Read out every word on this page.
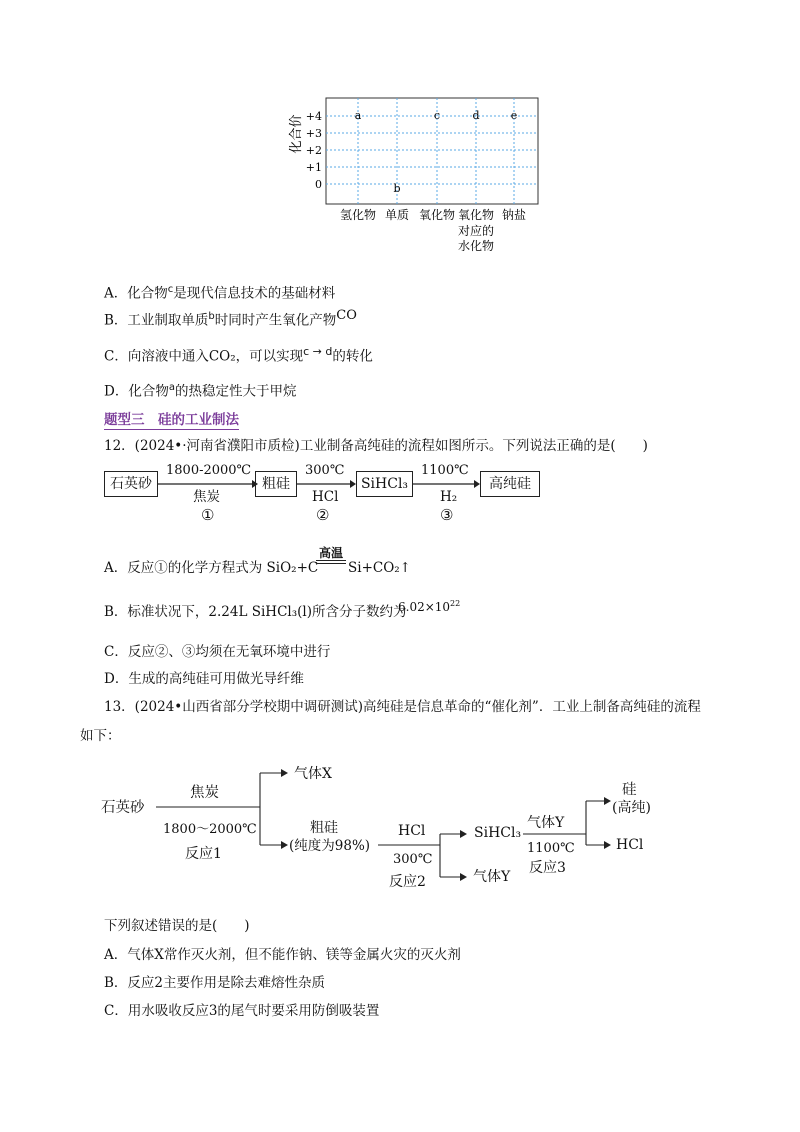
化合价 +4
+3
+2
+1
0
a
b
c	d	e
氢化物 单质 氧化物 氧化物 钠盐
对应的
水化物
A．化合物$^c$是现代信息技术的基础材料
B．工业制取单质$^b$时同时产生氧化产物$^{CO}$
C．向溶液中通入CO₂，可以实现$^{c \to d}$的转化
D．化合物$^a$的热稳定性大于甲烷
题型三　硅的工业制法
12．(2024•·河南省濮阳市质检)工业制备高纯硅的流程如图所示。下列说法正确的是(　　)
石英砂	粗硅	SiHCl₃	高纯硅
1800-2000℃	300℃	1100℃
焦炭	HCl	H₂
①	②	③
A．反应①的化学方程式为 SiO₂+C
高温
Si+CO₂↑
B．标准状况下，2.24L SiHCl₃(l)所含分子数约为
$6.02\times 10^{22}$
C．反应②、③均须在无氧环境中进行
D．生成的高纯硅可用做光导纤维
13．(2024•山西省部分学校期中调研测试)高纯硅是信息革命的“催化剂”．工业上制备高纯硅的流程
如下：
石英砂
焦炭
1800～2000℃
反应1
气体X
粗硅
(纯度为98%)
HCl
300℃
反应2
SiHCl₃
气体Y
气体Y
1100℃
反应3
硅
(高纯)
HCl
下列叙述错误的是(　　)
A．气体X常作灭火剂，但不能作钠、镁等金属火灾的灭火剂
B．反应2主要作用是除去难熔性杂质
C．用水吸收反应3的尾气时要采用防倒吸装置
